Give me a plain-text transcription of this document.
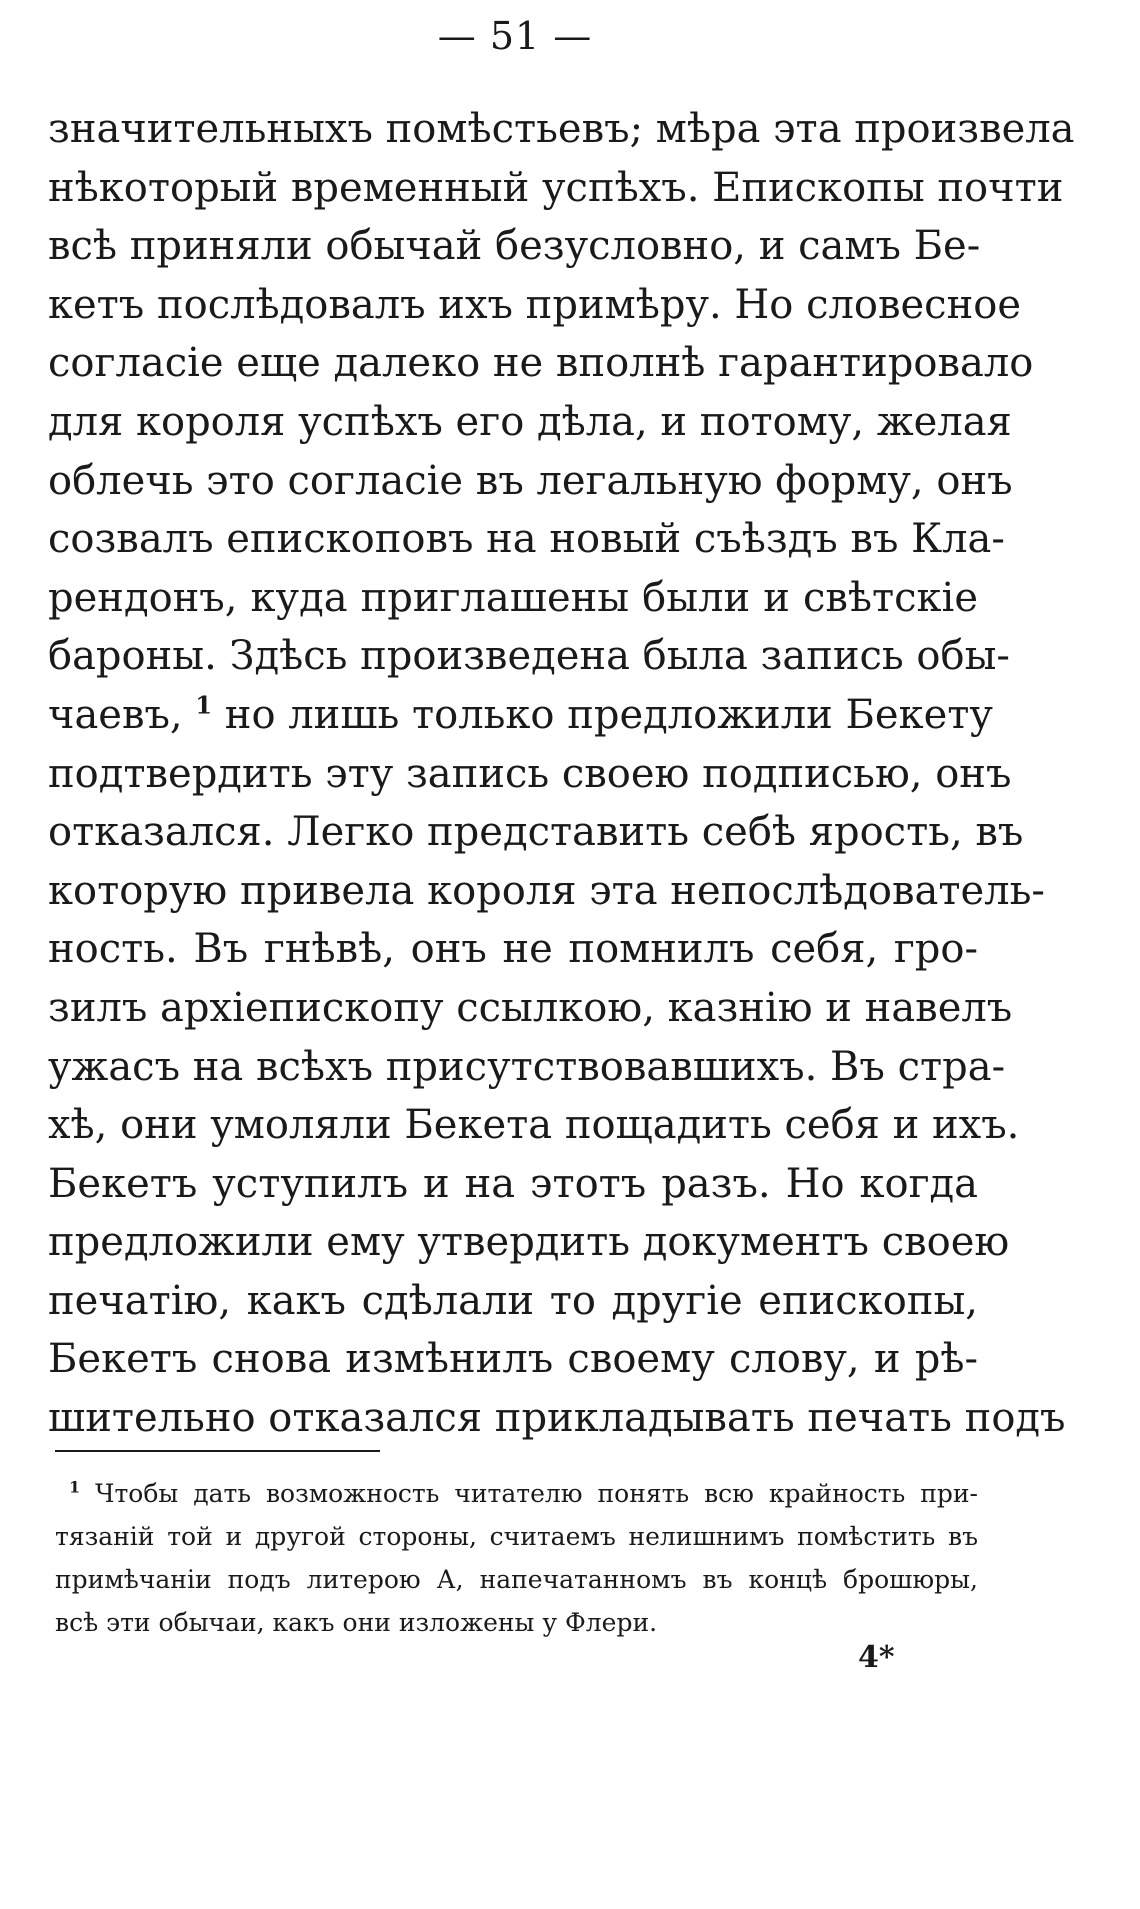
— 51 —
значительныхъ помѣстьевъ; мѣра эта произвела
нѣкоторый временный успѣхъ. Епископы почти
всѣ приняли обычай безусловно, и самъ Бе-
кетъ послѣдовалъ ихъ примѣру. Но словесное
согласіе еще далеко не вполнѣ гарантировало
для короля успѣхъ его дѣла, и потому, желая
облечь это согласіе въ легальную форму, онъ
созвалъ епископовъ на новый съѣздъ въ Кла-
рендонъ, куда приглашены были и свѣтскіе
бароны. Здѣсь произведена была запись обы-
чаевъ, $^1$ но лишь только предложили Бекету
подтвердить эту запись своею подписью, онъ
отказался. Легко представить себѣ ярость, въ
которую привела короля эта непослѣдователь-
ность. Въ гнѣвѣ, онъ не помнилъ себя, гро-
зилъ архіепископу ссылкою, казнію и навелъ
ужасъ на всѣхъ присутствовавшихъ. Въ стра-
хѣ, они умоляли Бекета пощадить себя и ихъ.
Бекетъ уступилъ и на этотъ разъ. Но когда
предложили ему утвердить документъ своею
печатію, какъ сдѣлали то другіе епископы,
Бекетъ снова измѣнилъ своему слову, и рѣ-
шительно отказался прикладывать печать подъ
$^1$ Чтобы дать возможность читателю понять всю крайность при-
тязаній той и другой стороны, считаемъ нелишнимъ помѣстить въ
примѣчаніи подъ литерою А, напечатанномъ въ концѣ брошюры,
всѣ эти обычаи, какъ они изложены у Флери.
4*
